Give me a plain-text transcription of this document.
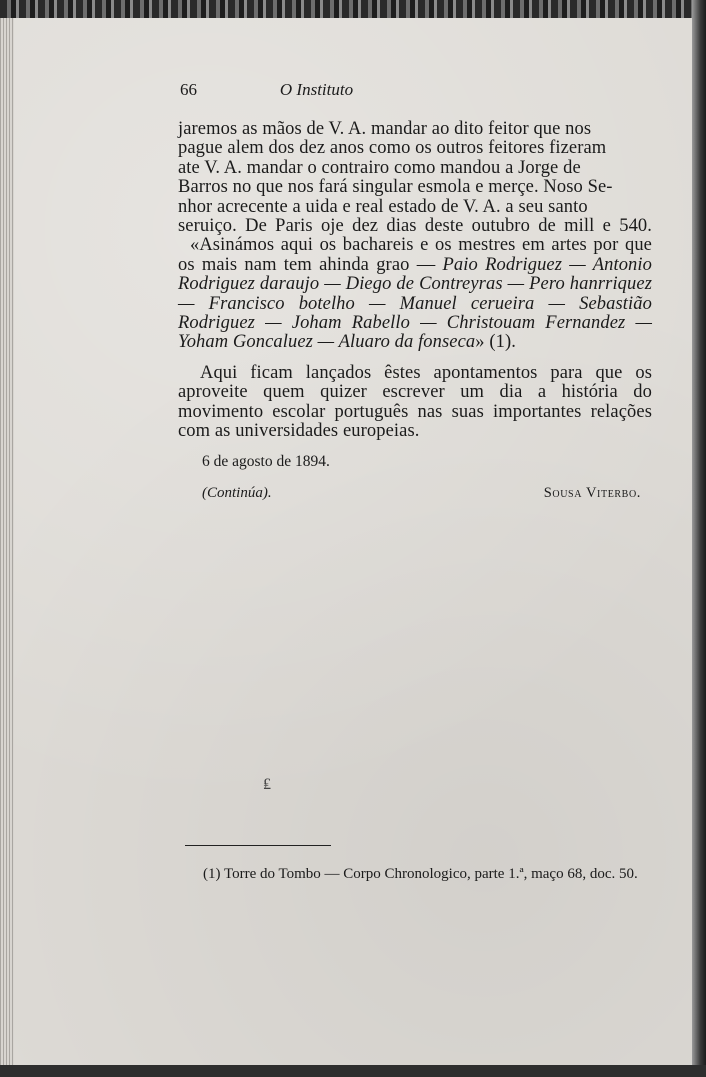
66	O Instituto

jaremos as mãos de V. A. mandar ao dito feitor que nos

pague alem dos dez anos como os outros feitores fizeram

ate V. A. mandar o contrairo como mandou a Jorge de

Barros no que nos fará singular esmola e merçe. Noso Se-

nhor acrecente a uida e real estado de V. A. a seu santo

seruiço. De Paris oje dez dias deste outubro de mill e 540.

«Asinámos aqui os bachareis e os mestres em artes por que os mais nam tem ahinda grao — Paio Rodriguez — Antonio Rodriguez daraujo — Diego de Contreyras — Pero hanrriquez — Francisco botelho — Manuel cerueira — Sebastião Rodriguez — Joham Rabello — Christouam Fernandez — Yoham Goncaluez — Aluaro da fonseca» (1).

Aqui ficam lançados êstes apontamentos para que os aproveite quem quizer escrever um dia a história do movimento escolar português nas suas importantes relações com as universidades europeias.

6 de agosto de 1894.
(Continúa).	Sousa Viterbo.
₤

(1) Torre do Tombo — Corpo Chronologico, parte 1.ª, maço 68, doc. 50.
